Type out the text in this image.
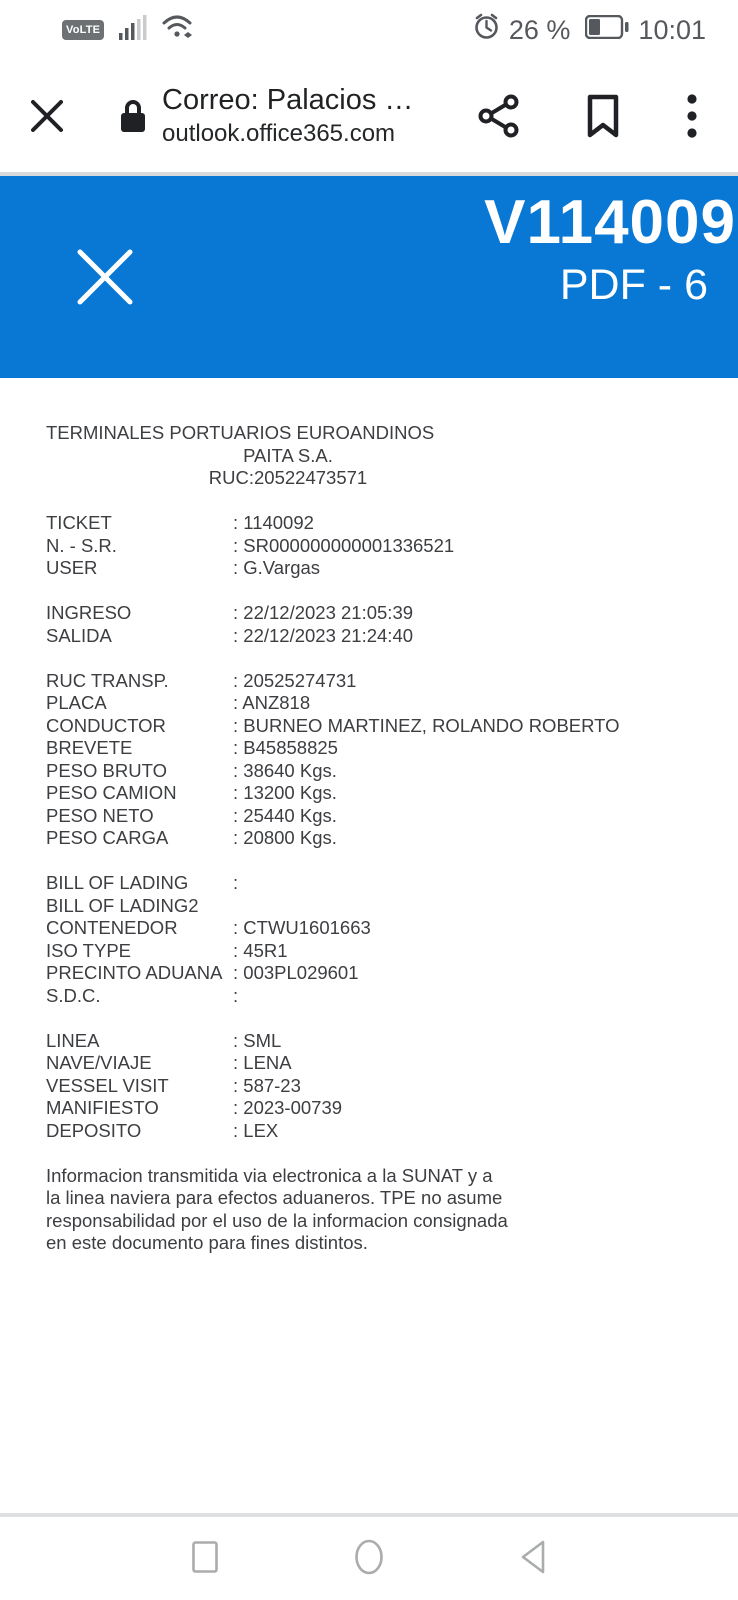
VoLTE	26 %	10:01
Correo: Palacios …
outlook.office365.com
V114009
PDF - 6
TERMINALES PORTUARIOS EUROANDINOS
PAITA S.A.
RUC:20522473571
TICKET	: 1140092
N. - S.R.	: SR000000000001336521
USER	: G.Vargas
INGRESO	: 22/12/2023 21:05:39
SALIDA	: 22/12/2023 21:24:40
RUC TRANSP.	: 20525274731
PLACA	: ANZ818
CONDUCTOR	: BURNEO MARTINEZ, ROLANDO ROBERTO
BREVETE	: B45858825
PESO BRUTO	: 38640 Kgs.
PESO CAMION	: 13200 Kgs.
PESO NETO	: 25440 Kgs.
PESO CARGA	: 20800 Kgs.
BILL OF LADING	:
BILL OF LADING2
CONTENEDOR	: CTWU1601663
ISO TYPE	: 45R1
PRECINTO ADUANA : 003PL029601
S.D.C.	:
LINEA	: SML
NAVE/VIAJE	: LENA
VESSEL VISIT	: 587-23
MANIFIESTO	: 2023-00739
DEPOSITO	: LEX
Informacion transmitida via electronica a la SUNAT y a
la linea naviera para efectos aduaneros. TPE no asume
responsabilidad por el uso de la informacion consignada
en este documento para fines distintos.
